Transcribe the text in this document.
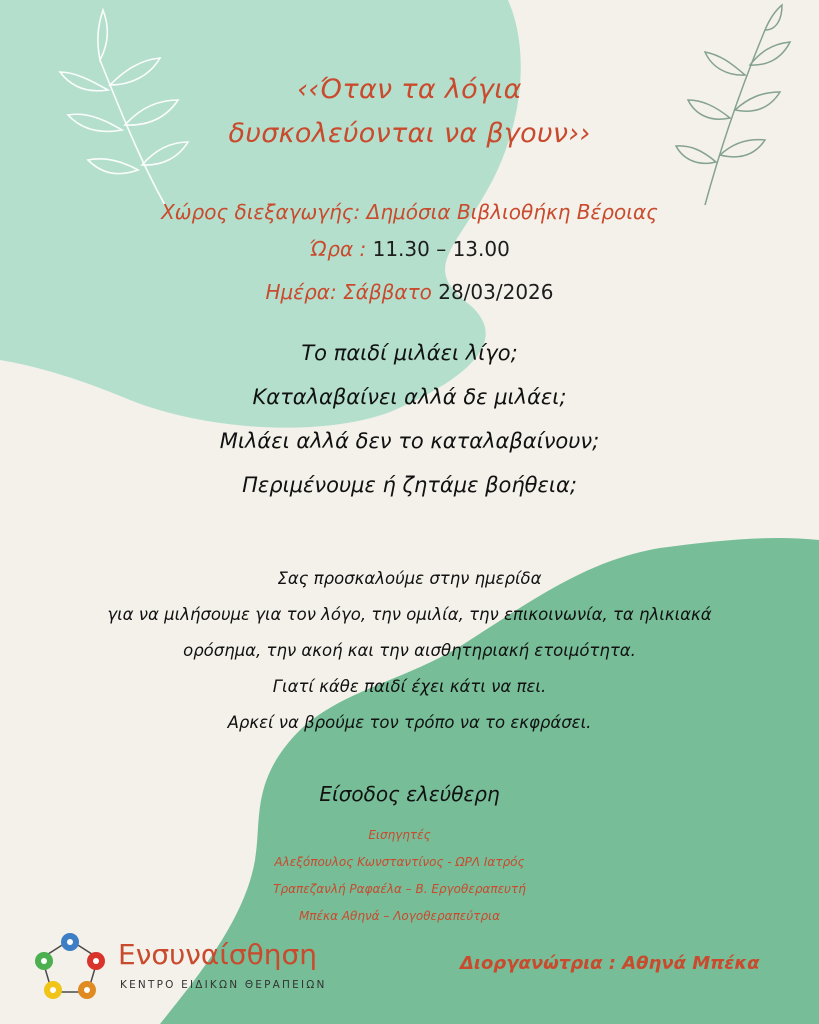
‹‹Όταν τα λόγια
δυσκολεύονται να βγουν››
Χώρος διεξαγωγής: Δημόσια Βιβλιοθήκη Βέροιας
Ώρα : 11.30 – 13.00
Ημέρα: Σάββατο 28/03/2026
Το παιδί μιλάει λίγο;
Καταλαβαίνει αλλά δε μιλάει;
Μιλάει αλλά δεν το καταλαβαίνουν;
Περιμένουμε ή ζητάμε βοήθεια;
Σας προσκαλούμε στην ημερίδα
για να μιλήσουμε για τον λόγο, την ομιλία, την επικοινωνία, τα ηλικιακά
ορόσημα, την ακοή και την αισθητηριακή ετοιμότητα.
Γιατί κάθε παιδί έχει κάτι να πει.
Αρκεί να βρούμε τον τρόπο να το εκφράσει.
Είσοδος ελεύθερη
Εισηγητές
Αλεξόπουλος Κωνσταντίνος - ΩΡΛ Ιατρός
Τραπεζανλή Ραφαέλα – Β. Εργοθεραπευτή
Μπέκα Αθηνά – Λογοθεραπεύτρια
Ενσυναίσθηση
ΚΕΝΤΡΟ ΕΙΔΙΚΩΝ ΘΕΡΑΠΕΙΩΝ
Διοργανώτρια : Αθηνά Μπέκα
